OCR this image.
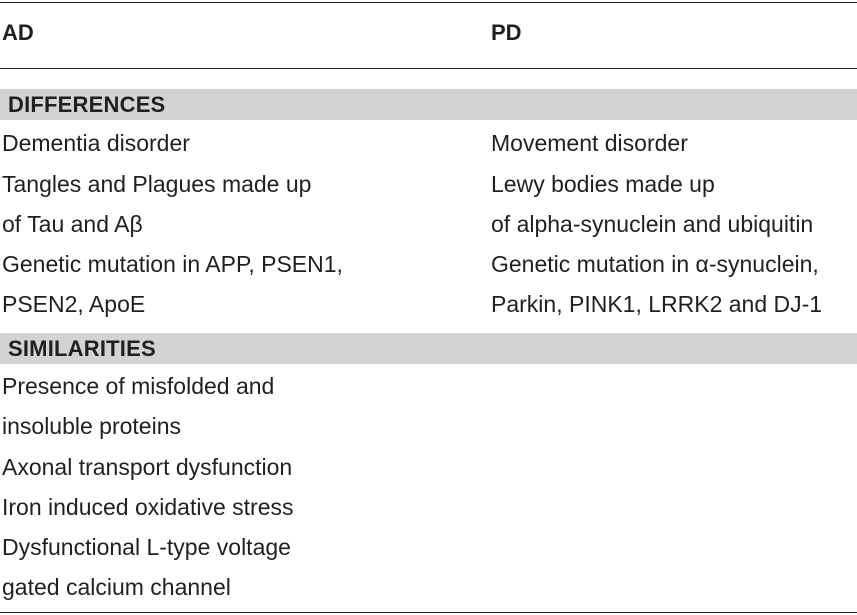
AD	PD
DIFFERENCES
Dementia disorder
Tangles and Plagues made up
of Tau and Aβ
Genetic mutation in APP, PSEN1,
PSEN2, ApoE
Movement disorder
Lewy bodies made up
of alpha-synuclein and ubiquitin
Genetic mutation in α-synuclein,
Parkin, PINK1, LRRK2 and DJ-1
SIMILARITIES
Presence of misfolded and
insoluble proteins
Axonal transport dysfunction
Iron induced oxidative stress
Dysfunctional L-type voltage
gated calcium channel
